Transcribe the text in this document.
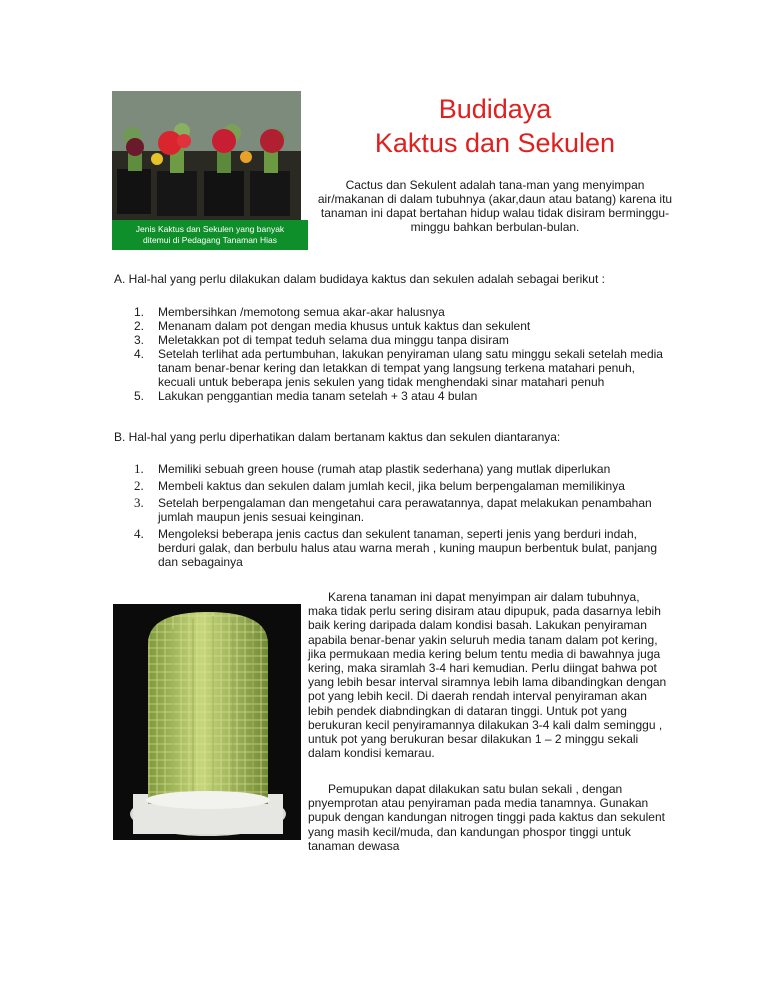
Jenis Kaktus dan Sekulen yang banyak
ditemui di Pedagang Tanaman Hias
Budidaya
Kaktus dan Sekulen
Cactus dan Sekulent adalah tana-man yang menyimpan
air/makanan di dalam tubuhnya (akar,daun atau batang) karena itu
tanaman ini dapat bertahan hidup walau tidak disiram berminggu-
minggu bahkan berbulan-bulan.
A. Hal-hal yang perlu dilakukan dalam budidaya kaktus dan sekulen adalah sebagai berikut :
1. Membersihkan /memotong semua akar-akar halusnya
2. Menanam dalam pot dengan media khusus untuk kaktus dan sekulent
3. Meletakkan pot di tempat teduh selama dua minggu tanpa disiram
4. Setelah terlihat ada pertumbuhan, lakukan penyiraman ulang satu minggu sekali setelah media
tanam benar-benar kering dan letakkan di tempat yang langsung terkena matahari penuh,
kecuali untuk beberapa jenis sekulen yang tidak menghendaki sinar matahari penuh
5. Lakukan penggantian media tanam setelah + 3 atau 4 bulan
B. Hal-hal yang perlu diperhatikan dalam bertanam kaktus dan sekulen diantaranya:
1. Memiliki sebuah green house (rumah atap plastik sederhana) yang mutlak diperlukan
2. Membeli kaktus dan sekulen dalam jumlah kecil, jika belum berpengalaman memilikinya
3. Setelah berpengalaman dan mengetahui cara perawatannya, dapat melakukan penambahan
jumlah maupun jenis sesuai keinginan.
4. Mengoleksi beberapa jenis cactus dan sekulent tanaman, seperti jenis yang berduri indah,
berduri galak, dan berbulu halus atau warna merah , kuning maupun berbentuk bulat, panjang
dan sebagainya
Karena tanaman ini dapat menyimpan air dalam tubuhnya,
maka tidak perlu sering disiram atau dipupuk, pada dasarnya lebih
baik kering daripada dalam kondisi basah. Lakukan penyiraman
apabila benar-benar yakin seluruh media tanam dalam pot kering,
jika permukaan media kering belum tentu media di bawahnya juga
kering, maka siramlah 3-4 hari kemudian. Perlu diingat bahwa pot
yang lebih besar interval siramnya lebih lama dibandingkan dengan
pot yang lebih kecil. Di daerah rendah interval penyiraman akan
lebih pendek diabndingkan di dataran tinggi. Untuk pot yang
berukuran kecil penyiramannya dilakukan 3-4 kali dalm seminggu ,
untuk pot yang berukuran besar dilakukan 1 – 2 minggu sekali
dalam kondisi kemarau.
Pemupukan dapat dilakukan satu bulan sekali , dengan
pnyemprotan atau penyiraman pada media tanamnya. Gunakan
pupuk dengan kandungan nitrogen tinggi pada kaktus dan sekulent
yang masih kecil/muda, dan kandungan phospor tinggi untuk
tanaman dewasa
